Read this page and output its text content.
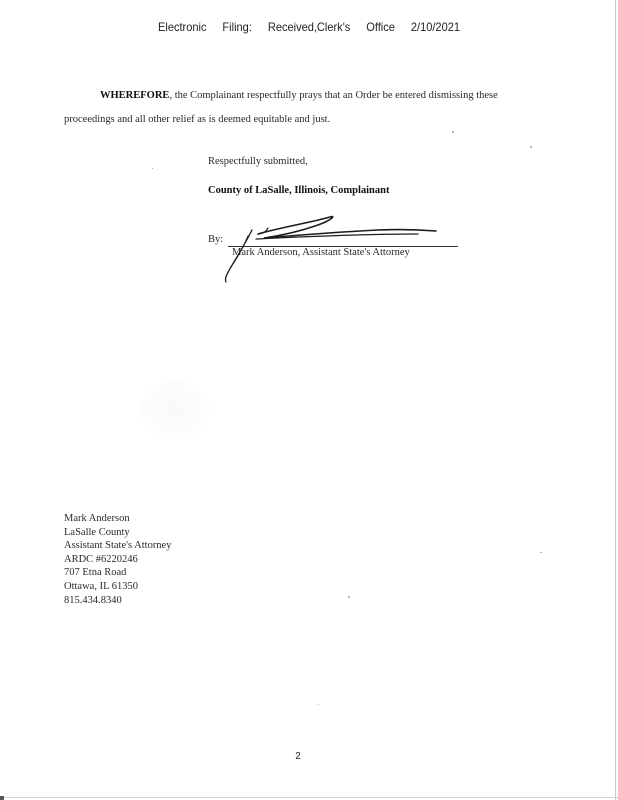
Electronic Filing: Received,Clerk's Office 2/10/2021
WHEREFORE, the Complainant respectfully prays that an Order be entered dismissing these proceedings and all other relief as is deemed equitable and just.
Respectfully submitted,
County of LaSalle, Illinois, Complainant
By:
Mark Anderson, Assistant State's Attorney
Mark Anderson
LaSalle County
Assistant State's Attorney
ARDC #6220246
707 Etna Road
Ottawa, IL 61350
815.434.8340
2
